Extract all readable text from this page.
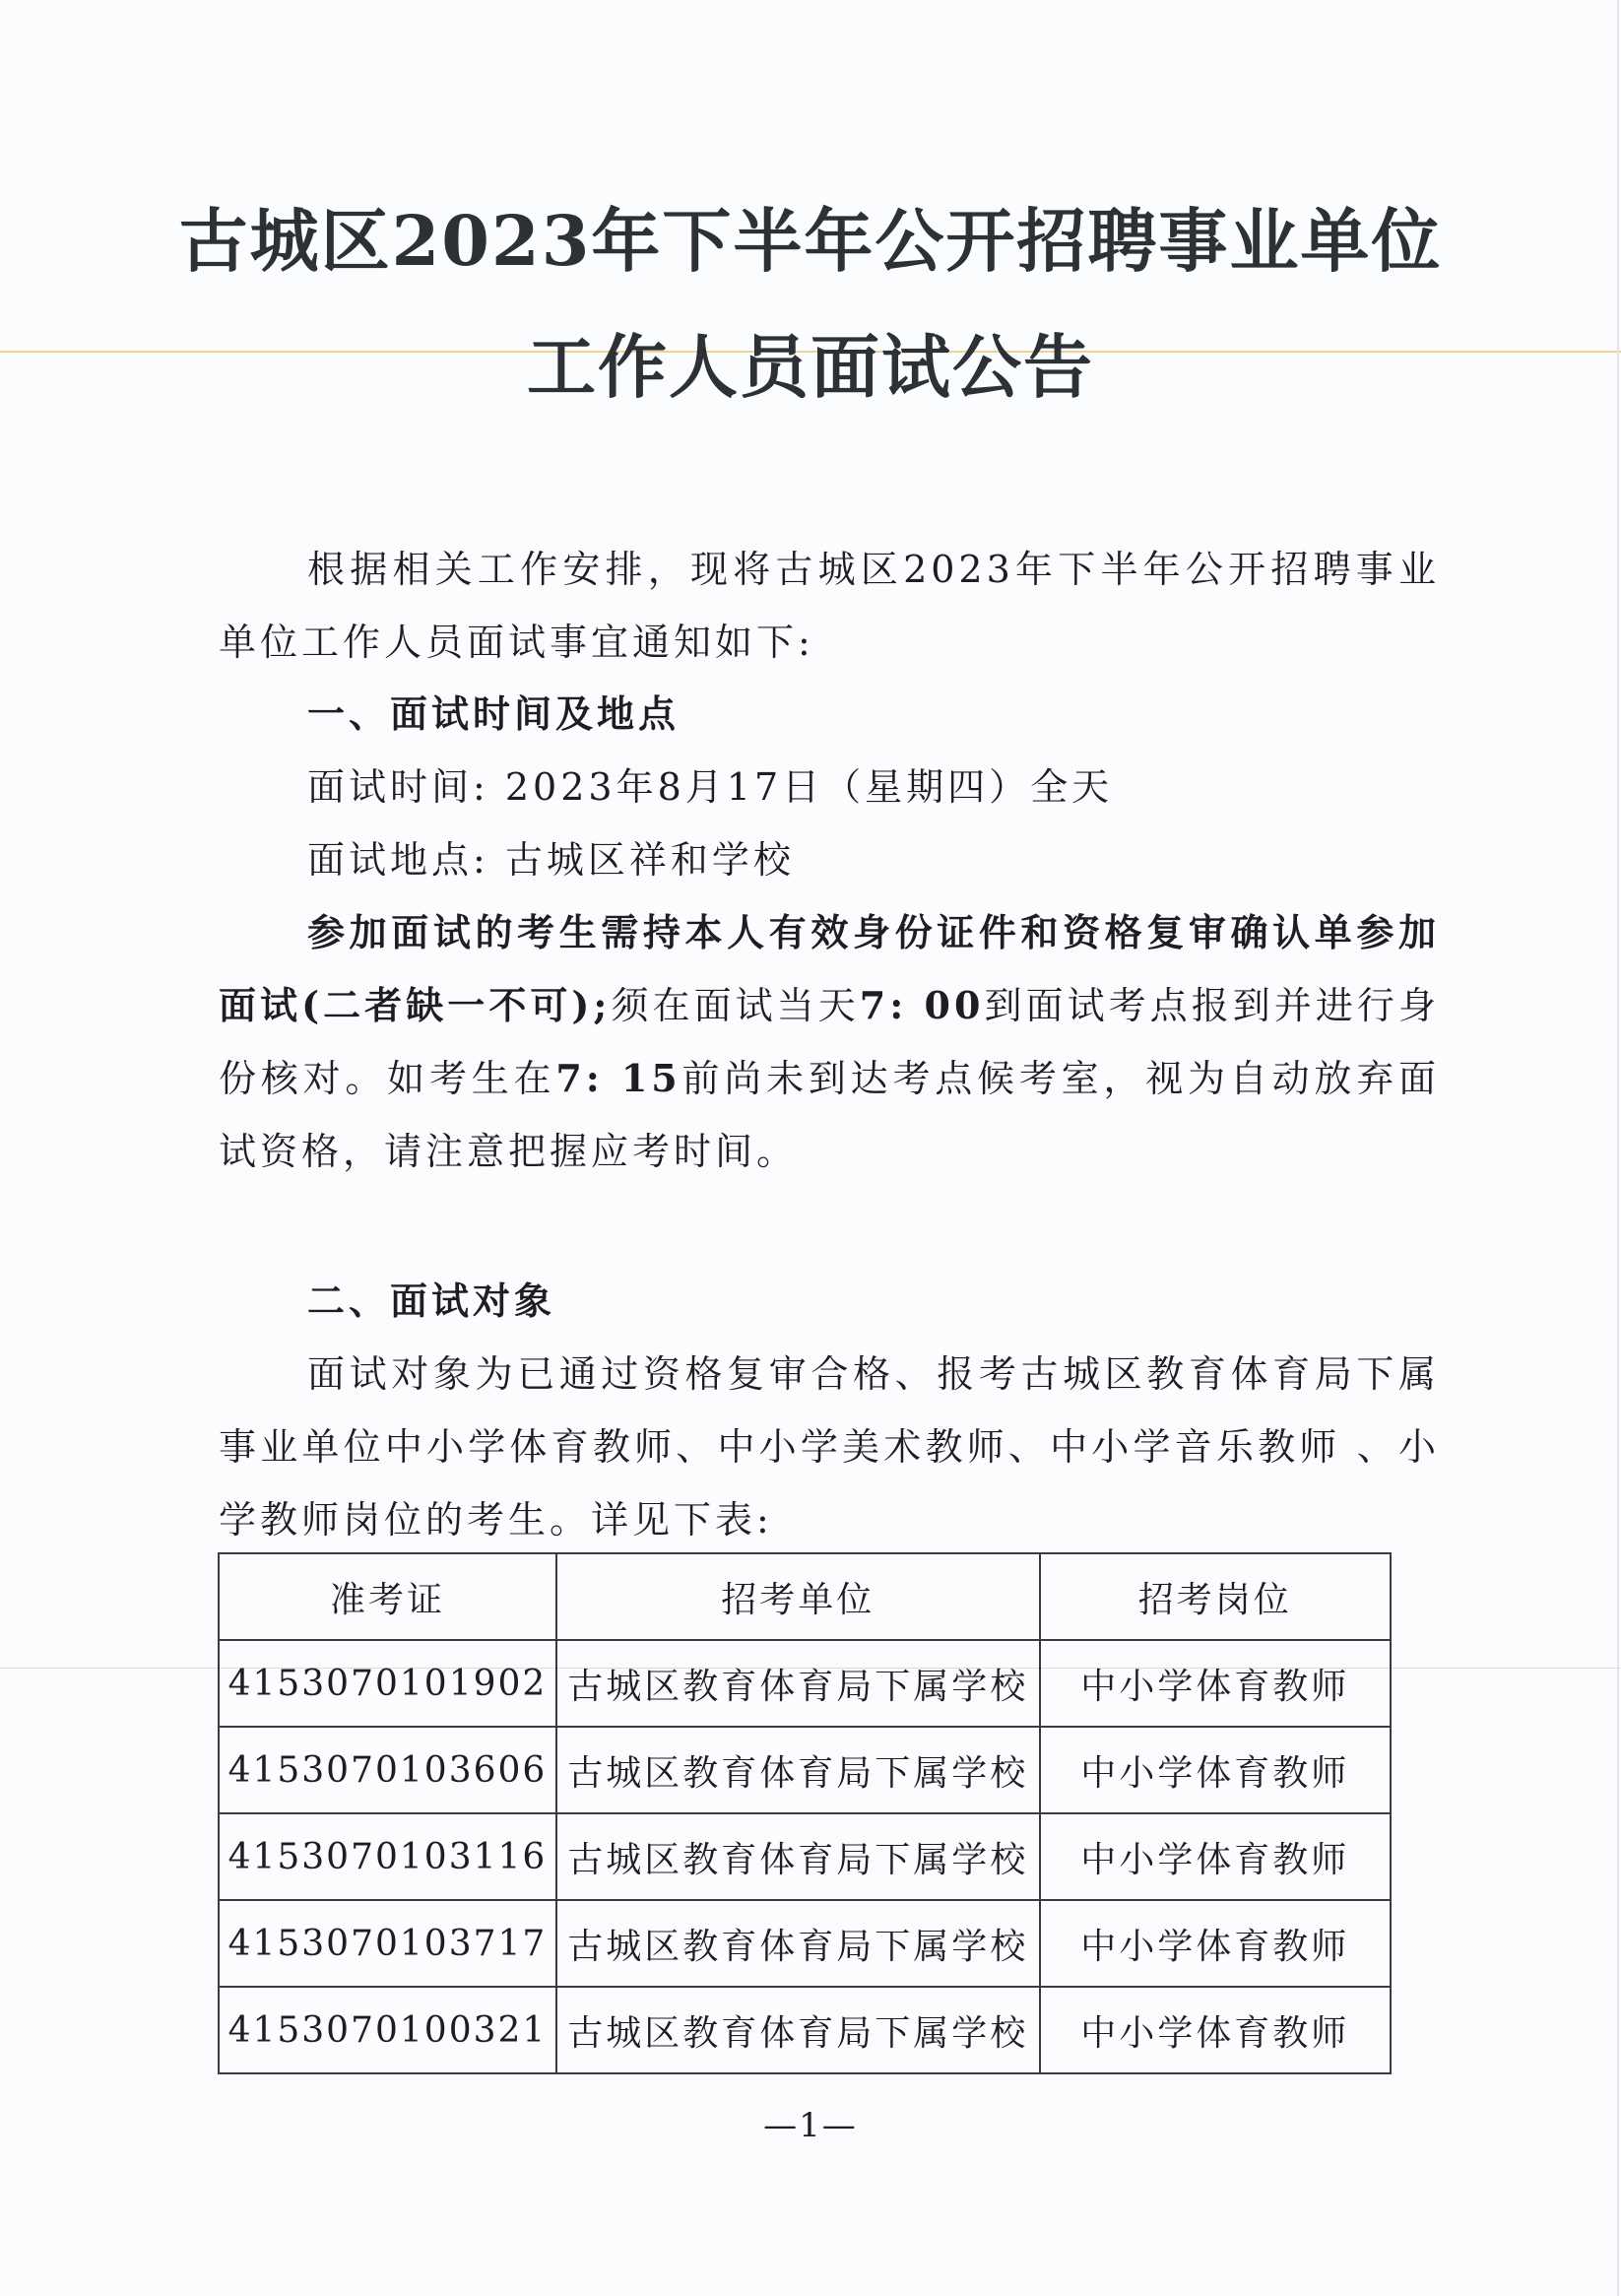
古城区2023年下半年公开招聘事业单位
工作人员面试公告

根据相关工作安排，现将古城区2023年下半年公开招聘事业单位工作人员面试事宜通知如下:

一、面试时间及地点
面试时间: 2023年8月17日（星期四）全天
面试地点: 古城区祥和学校

参加面试的考生需持本人有效身份证件和资格复审确认单参加面试(二者缺一不可);须在面试当天7: 00到面试考点报到并进行身份核对。如考生在7: 15前尚未到达考点候考室，视为自动放弃面试资格，请注意把握应考时间。

二、面试对象

面试对象为已通过资格复审合格、报考古城区教育体育局下属事业单位中小学体育教师、中小学美术教师、中小学音乐教师 、小学教师岗位的考生。详见下表:

准考证	招考单位	招考岗位
4153070101902	古城区教育体育局下属学校	中小学体育教师
4153070103606	古城区教育体育局下属学校	中小学体育教师
4153070103116	古城区教育体育局下属学校	中小学体育教师
4153070103717	古城区教育体育局下属学校	中小学体育教师
4153070100321	古城区教育体育局下属学校	中小学体育教师
—1—
